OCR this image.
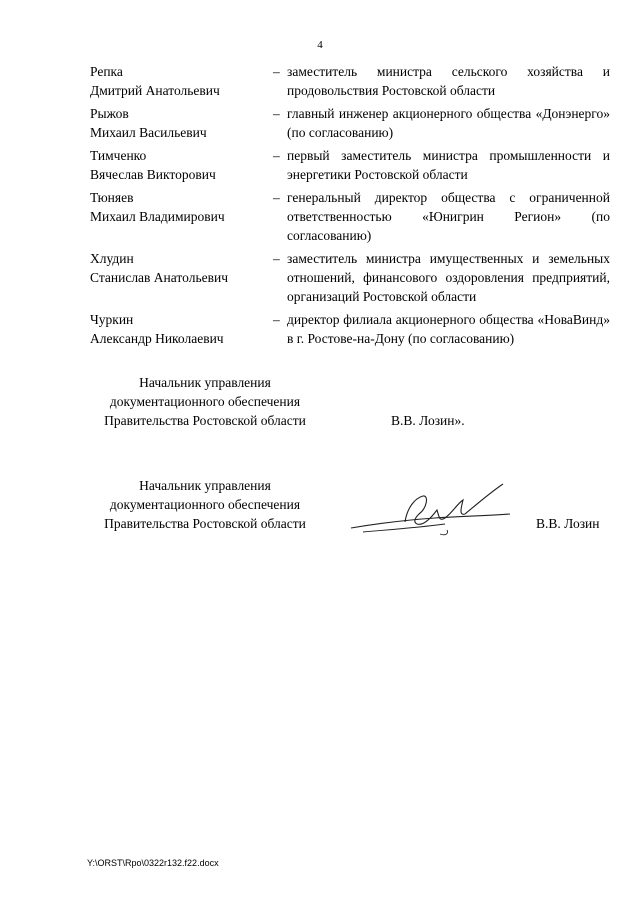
4
Репка
Дмитрий Анатольевич
– заместитель министра сельского хозяйства и продовольствия Ростовской области
Рыжов
Михаил Васильевич
– главный инженер акционерного общества «Донэнерго» (по согласованию)
Тимченко
Вячеслав Викторович
– первый заместитель министра промышленности и энергетики Ростовской области
Тюняев
Михаил Владимирович
– генеральный директор общества с ограниченной ответственностью «Юнигрин Регион» (по согласованию)
Хлудин
Станислав Анатольевич
– заместитель министра имущественных и земельных отношений, финансового оздоровления предприятий, организаций Ростовской области
Чуркин
Александр Николаевич
– директор филиала акционерного общества «НоваВинд» в г. Ростове-на-Дону (по согласованию)
Начальник управления
документационного обеспечения
Правительства Ростовской области	В.В. Лозин».
Начальник управления
документационного обеспечения
Правительства Ростовской области	В.В. Лозин
Y:\ORST\Rpo\0322r132.f22.docx
